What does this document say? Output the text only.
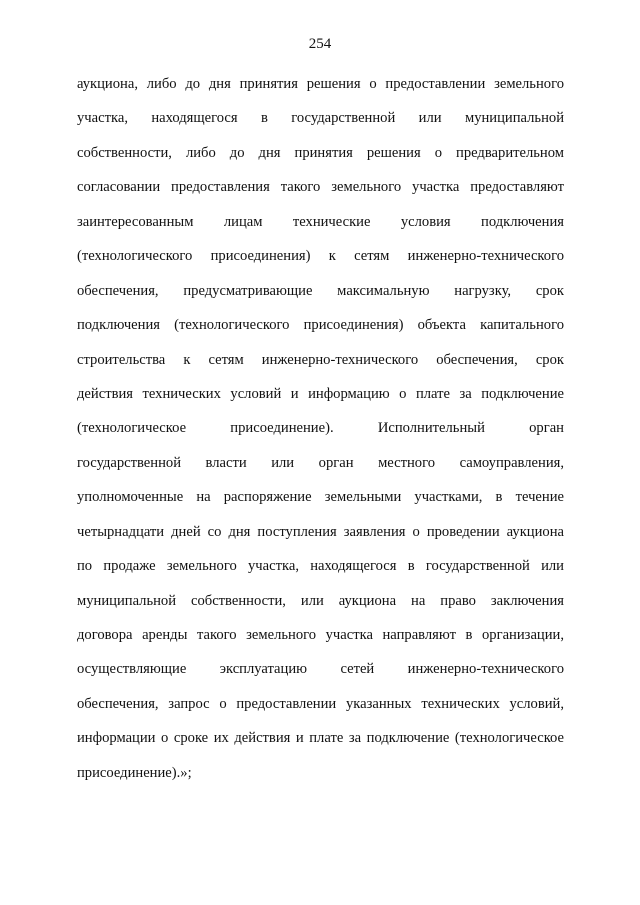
254

аукциона, либо до дня принятия решения о предоставлении земельного
участка, находящегося в государственной или муниципальной
собственности, либо до дня принятия решения о предварительном
согласовании предоставления такого земельного участка предоставляют
заинтересованным лицам технические условия подключения
(технологического присоединения) к сетям инженерно-технического
обеспечения, предусматривающие максимальную нагрузку, срок
подключения (технологического присоединения) объекта капитального
строительства к сетям инженерно-технического обеспечения, срок
действия технических условий и информацию о плате за подключение
(технологическое присоединение). Исполнительный орган
государственной власти или орган местного самоуправления,
уполномоченные на распоряжение земельными участками, в течение
четырнадцати дней со дня поступления заявления о проведении аукциона
по продаже земельного участка, находящегося в государственной или
муниципальной собственности, или аукциона на право заключения
договора аренды такого земельного участка направляют в организации,
осуществляющие эксплуатацию сетей инженерно-технического
обеспечения, запрос о предоставлении указанных технических условий,
информации о сроке их действия и плате за подключение (технологическое
присоединение).»;
